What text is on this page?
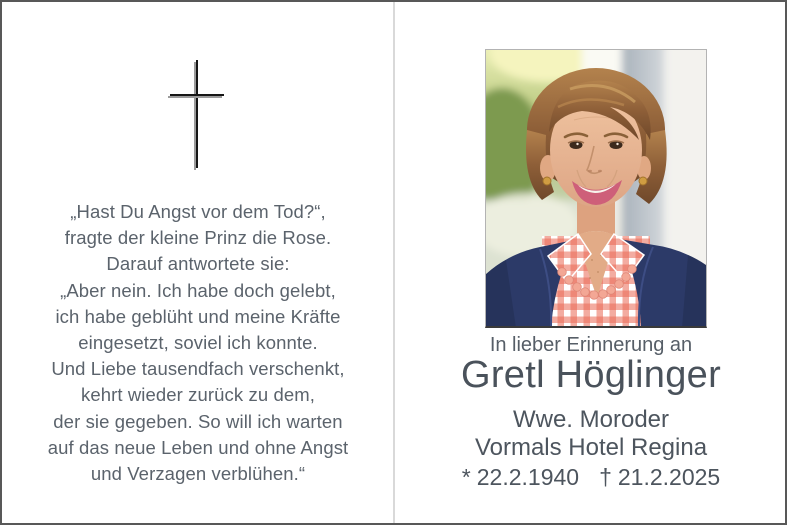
„Hast Du Angst vor dem Tod?“,
fragte der kleine Prinz die Rose.
Darauf antwortete sie:
„Aber nein. Ich habe doch gelebt,
ich habe geblüht und meine Kräfte
eingesetzt, soviel ich konnte.
Und Liebe tausendfach verschenkt,
kehrt wieder zurück zu dem,
der sie gegeben. So will ich warten
auf das neue Leben und ohne Angst
und Verzagen verblühen.“
In lieber Erinnerung an
Gretl Höglinger
Wwe. Moroder
Vormals Hotel Regina
* 22.2.1940 † 21.2.2025
